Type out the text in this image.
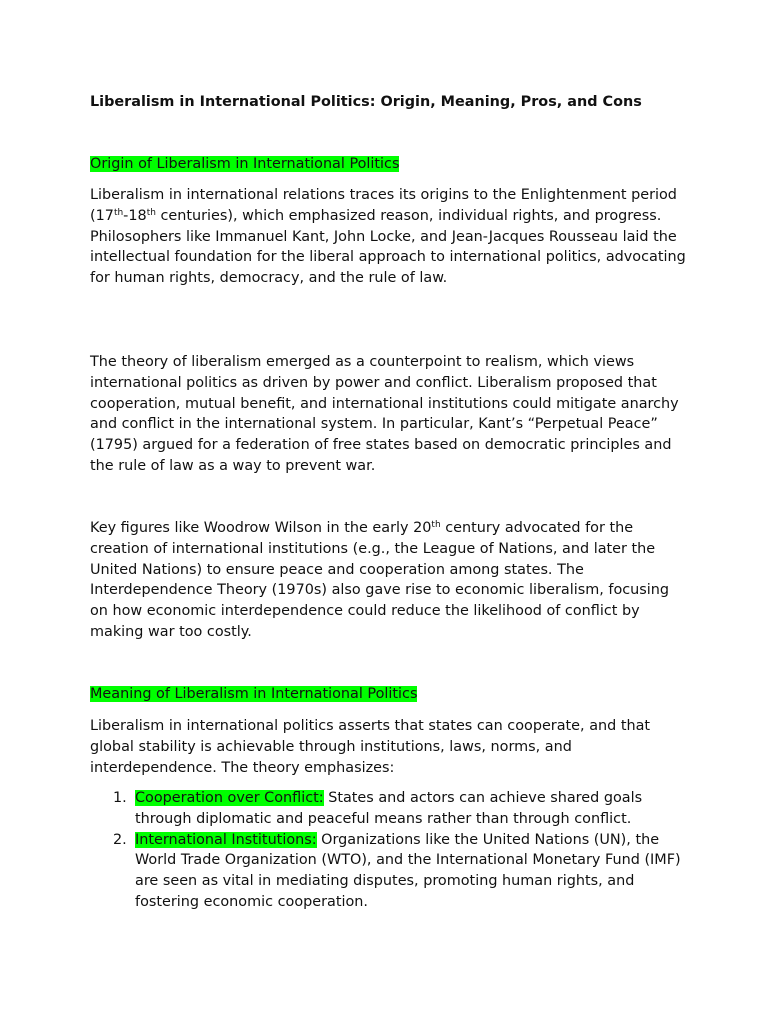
Liberalism in International Politics: Origin, Meaning, Pros, and Cons
Origin of Liberalism in International Politics

Liberalism in international relations traces its origins to the Enlightenment period (17th-18th centuries), which emphasized reason, individual rights, and progress. Philosophers like Immanuel Kant, John Locke, and Jean-Jacques Rousseau laid the intellectual foundation for the liberal approach to international politics, advocating for human rights, democracy, and the rule of law.

The theory of liberalism emerged as a counterpoint to realism, which views international politics as driven by power and conflict. Liberalism proposed that cooperation, mutual benefit, and international institutions could mitigate anarchy and conflict in the international system. In particular, Kant’s “Perpetual Peace” (1795) argued for a federation of free states based on democratic principles and the rule of law as a way to prevent war.

Key figures like Woodrow Wilson in the early 20th century advocated for the creation of international institutions (e.g., the League of Nations, and later the United Nations) to ensure peace and cooperation among states. The Interdependence Theory (1970s) also gave rise to economic liberalism, focusing on how economic interdependence could reduce the likelihood of conflict by making war too costly.

Meaning of Liberalism in International Politics

Liberalism in international politics asserts that states can cooperate, and that global stability is achievable through institutions, laws, norms, and interdependence. The theory emphasizes:

1. Cooperation over Conflict: States and actors can achieve shared goals through diplomatic and peaceful means rather than through conflict.
2. International Institutions: Organizations like the United Nations (UN), the World Trade Organization (WTO), and the International Monetary Fund (IMF) are seen as vital in mediating disputes, promoting human rights, and fostering economic cooperation.
